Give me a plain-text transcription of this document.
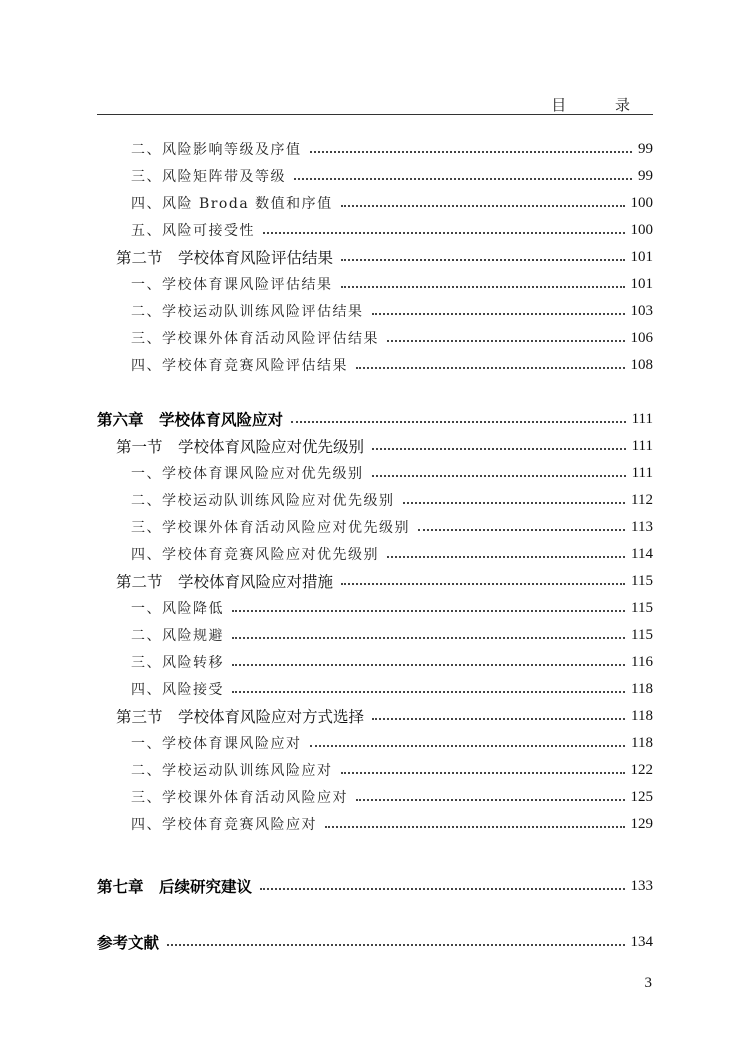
目 录
二、风险影响等级及序值	99
三、风险矩阵带及等级	99
四、风险 Broda 数值和序值	100
五、风险可接受性	100
第二节　学校体育风险评估结果	101
一、学校体育课风险评估结果	101
二、学校运动队训练风险评估结果	103
三、学校课外体育活动风险评估结果	106
四、学校体育竞赛风险评估结果	108
第六章　学校体育风险应对	111
第一节　学校体育风险应对优先级别	111
一、学校体育课风险应对优先级别	111
二、学校运动队训练风险应对优先级别	112
三、学校课外体育活动风险应对优先级别	113
四、学校体育竞赛风险应对优先级别	114
第二节　学校体育风险应对措施	115
一、风险降低	115
二、风险规避	115
三、风险转移	116
四、风险接受	118
第三节　学校体育风险应对方式选择	118
一、学校体育课风险应对	118
二、学校运动队训练风险应对	122
三、学校课外体育活动风险应对	125
四、学校体育竞赛风险应对	129
第七章　后续研究建议	133
参考文献	134
3
